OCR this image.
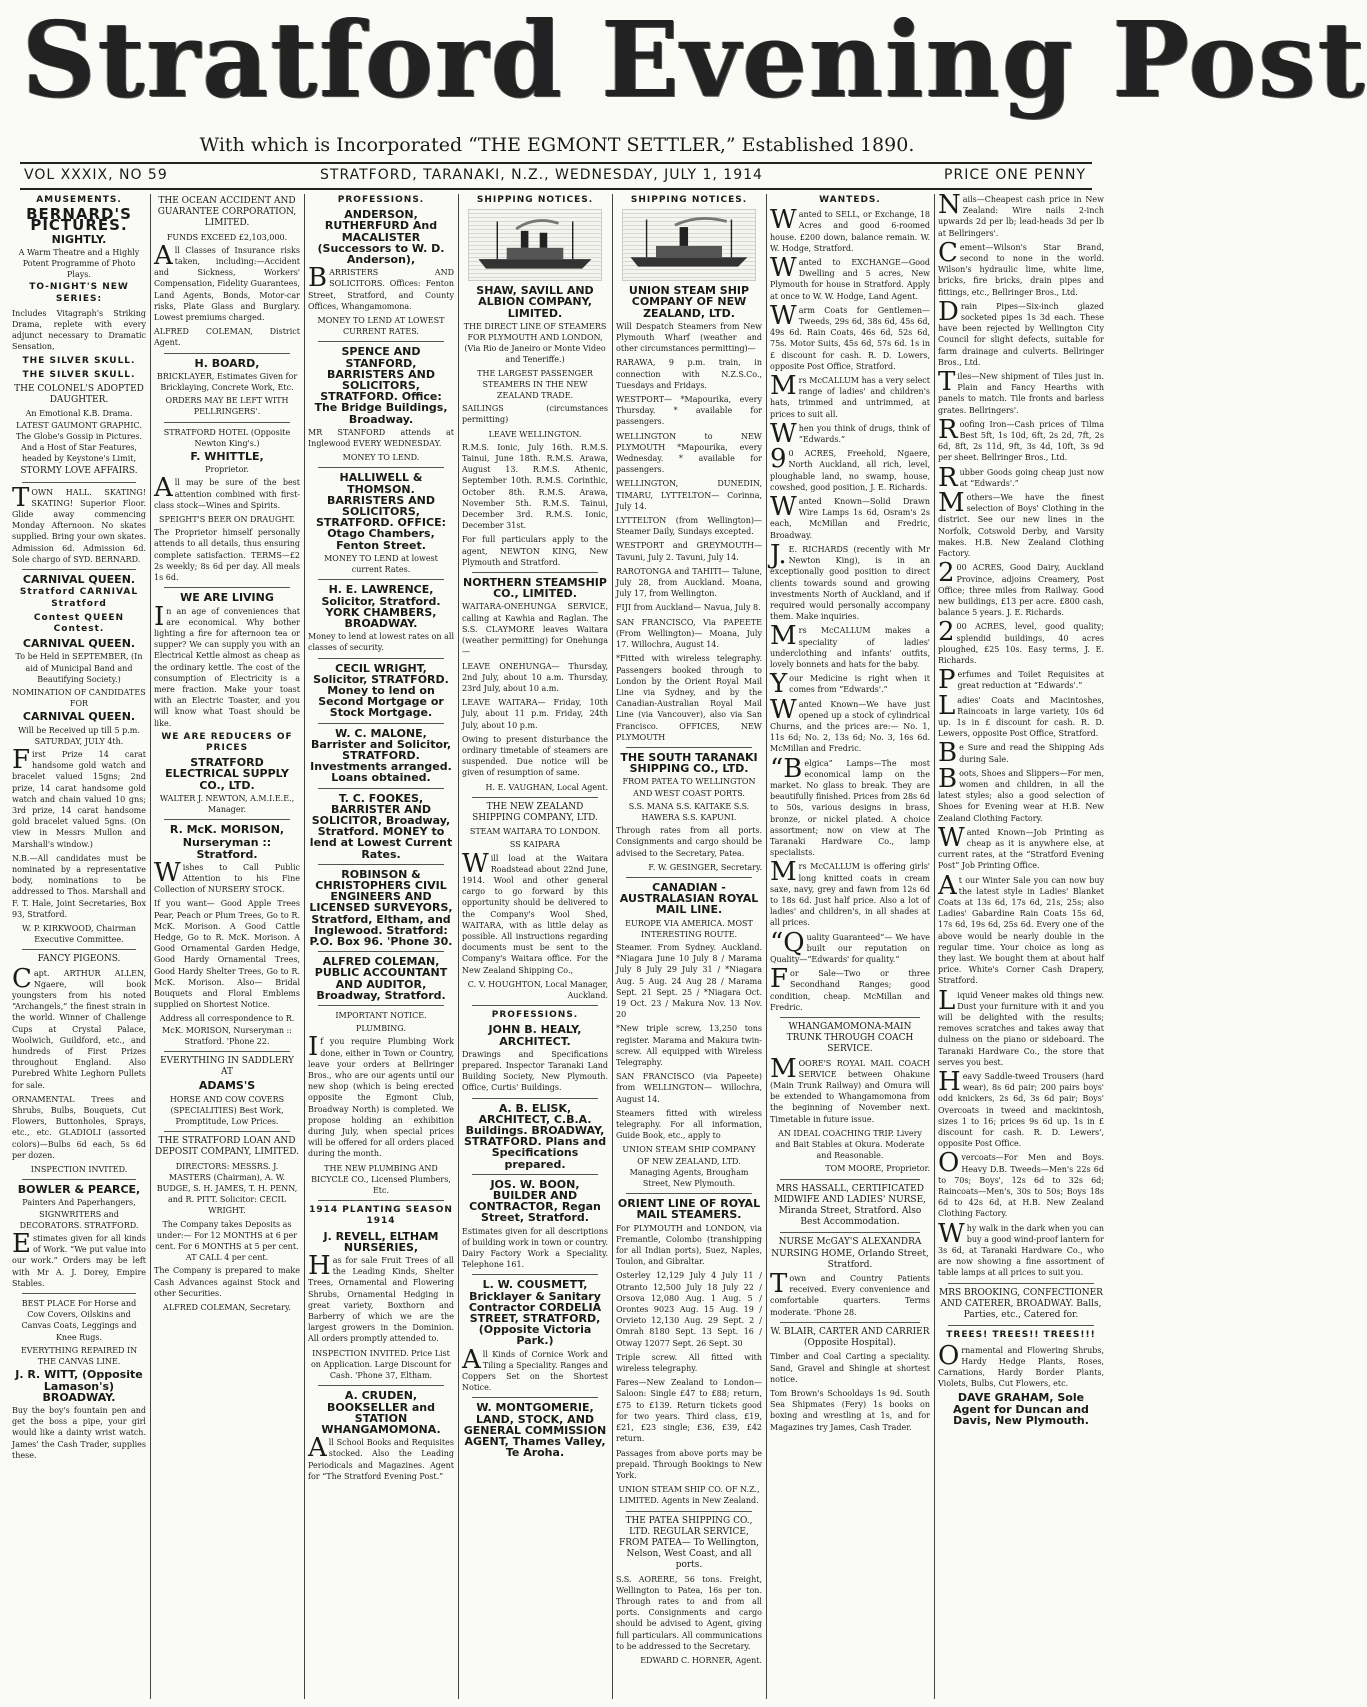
Stratford Evening Post
With which is Incorporated “THE EGMONT SETTLER,” Established 1890.
VOL XXXIX, NO 59	STRATFORD, TARANAKI, N.Z., WEDNESDAY, JULY 1, 1914	PRICE ONE PENNY
AMUSEMENTS.
BERNARD'S PICTURES.
NIGHTLY.
A Warm Theatre and a Highly Potent Programme of Photo Plays.
TO-NIGHT'S NEW SERIES:
Includes Vitagraph's Striking Drama, replete with every adjunct necessary to Dramatic Sensation,
THE SILVER SKULL.
THE SILVER SKULL.
THE COLONEL'S ADOPTED DAUGHTER.
An Emotional K.B. Drama. LATEST GAUMONT GRAPHIC. The Globe's Gossip in Pictures. And a Host of Star Features, headed by Keystone's Limit,
STORMY LOVE AFFAIRS.
TOWN HALL. SKATING! SKATING! Superior Floor. Glide away commencing Monday Afternoon. No skates supplied. Bring your own skates. Admission 6d. Admission 6d. Sole chargo of SYD. BERNARD.
CARNIVAL QUEEN.
Stratford CARNIVAL Stratford
Contest QUEEN Contest.
CARNIVAL QUEEN.
To be Held in SEPTEMBER, (In aid of Municipal Band and Beautifying Society.)
NOMINATION OF CANDIDATES FOR
CARNIVAL QUEEN.
Will be Received up till 5 p.m. SATURDAY, JULY 4th.
First Prize 14 carat handsome gold watch and bracelet valued 15gns; 2nd prize, 14 carat handsome gold watch and chain valued 10 gns; 3rd prize, 14 carat handsome gold bracelet valued 5gns. (On view in Messrs Mullon and Marshall's window.)
N.B.—All candidates must be nominated by a representative body, nominations to be addressed to Thos. Marshall and F. T. Hale, Joint Secretaries, Box 93, Stratford.
W. P. KIRKWOOD, Chairman Executive Committee.
FANCY PIGEONS.
Capt. ARTHUR ALLEN, Ngaere, will book youngsters from his noted “Archangels,” the finest strain in the world. Winner of Challenge Cups at Crystal Palace, Woolwich, Guildford, etc., and hundreds of First Prizes throughout England. Also Purebred White Leghorn Pullets for sale.
ORNAMENTAL Trees and Shrubs, Bulbs, Bouquets, Cut Flowers, Buttonholes, Sprays, etc., etc. GLADIOLI (assorted colors)—Bulbs 6d each, 5s 6d per dozen.
INSPECTION INVITED.
BOWLER & PEARCE,
Painters And Paperhangers, SIGNWRITERS and DECORATORS. STRATFORD.
Estimates given for all kinds of Work. “We put value into our work.” Orders may be left with Mr A. J. Dorey, Empire Stables.
BEST PLACE For Horse and Cow Covers, Oilskins and Canvas Coats, Leggings and Knee Rugs.
EVERYTHING REPAIRED IN THE CANVAS LINE.
J. R. WITT, (Opposite Lamason's) BROADWAY.
Buy the boy's fountain pen and get the boss a pipe, your girl would like a dainty wrist watch. James' the Cash Trader, supplies these.
THE OCEAN ACCIDENT AND GUARANTEE CORPORATION, LIMITED.
FUNDS EXCEED £2,103,000.
All Classes of Insurance risks taken, including:—Accident and Sickness, Workers' Compensation, Fidelity Guarantees, Land Agents, Bonds, Motor-car risks, Plate Glass and Burglary. Lowest premiums charged.
ALFRED COLEMAN, District Agent.
H. BOARD,
BRICKLAYER, Estimates Given for Bricklaying, Concrete Work, Etc.
ORDERS MAY BE LEFT WITH PELLRINGERS'.
STRATFORD HOTEL (Opposite Newton King's.)
F. WHITTLE,
Proprietor.
All may be sure of the best attention combined with first-class stock—Wines and Spirits.
SPEIGHT'S BEER ON DRAUGHT.
The Proprietor himself personally attends to all details, thus ensuring complete satisfaction. TERMS—£2 2s weekly; 8s 6d per day. All meals 1s 6d.
WE ARE LIVING
In an age of conveniences that are economical. Why bother lighting a fire for afternoon tea or supper? We can supply you with an Electrical Kettle almost as cheap as the ordinary kettle. The cost of the consumption of Electricity is a mere fraction. Make your toast with an Electric Toaster, and you will know what Toast should be like.
WE ARE REDUCERS OF PRICES
STRATFORD ELECTRICAL SUPPLY CO., LTD.
WALTER J. NEWTON, A.M.I.E.E., Manager.
R. McK. MORISON,
Nurseryman :: Stratford.
Wishes to Call Public Attention to his Fine Collection of NURSERY STOCK.
If you want— Good Apple Trees Pear, Peach or Plum Trees, Go to R. McK. Morison. A Good Cattle Hedge, Go to R. McK. Morison. A Good Ornamental Garden Hedge, Good Hardy Ornamental Trees, Good Hardy Shelter Trees, Go to R. McK. Morison. Also— Bridal Bouquets and Floral Emblems supplied on Shortest Notice.
Address all correspondence to R. McK. MORISON, Nurseryman :: Stratford. 'Phone 22.
EVERYTHING IN SADDLERY AT
ADAMS'S
HORSE AND COW COVERS (SPECIALITIES) Best Work, Promptitude, Low Prices.
THE STRATFORD LOAN AND DEPOSIT COMPANY, LIMITED.
DIRECTORS: MESSRS. J. MASTERS (Chairman), A. W. BUDGE, S. H. JAMES, T. H. PENN, and R. PITT. Solicitor: CECIL WRIGHT.
The Company takes Deposits as under:— For 12 MONTHS at 6 per cent. For 6 MONTHS at 5 per cent. AT CALL 4 per cent.
The Company is prepared to make Cash Advances against Stock and other Securities.
ALFRED COLEMAN, Secretary.
PROFESSIONS.
ANDERSON, RUTHERFURD And MACALISTER (Successors to W. D. Anderson),
BARRISTERS AND SOLICITORS. Offices: Fenton Street, Stratford, and County Offices, Whangamomona.
MONEY TO LEND AT LOWEST CURRENT RATES.
SPENCE AND STANFORD, BARRISTERS AND SOLICITORS, STRATFORD. Office: The Bridge Buildings, Broadway.
MR STANFORD attends at Inglewood EVERY WEDNESDAY.
MONEY TO LEND.
HALLIWELL & THOMSON. BARRISTERS AND SOLICITORS, STRATFORD. OFFICE: Otago Chambers, Fenton Street.
MONEY TO LEND at lowest current Rates.
H. E. LAWRENCE, Solicitor, Stratford. YORK CHAMBERS, BROADWAY.
Money to lend at lowest rates on all classes of security.
CECIL WRIGHT, Solicitor, STRATFORD. Money to lend on Second Mortgage or Stock Mortgage.
W. C. MALONE, Barrister and Solicitor, STRATFORD. Investments arranged. Loans obtained.
T. C. FOOKES, BARRISTER AND SOLICITOR, Broadway, Stratford. MONEY to lend at Lowest Current Rates.
ROBINSON & CHRISTOPHERS CIVIL ENGINEERS AND LICENSED SURVEYORS, Stratford, Eltham, and Inglewood. Stratford: P.O. Box 96. 'Phone 30.
ALFRED COLEMAN, PUBLIC ACCOUNTANT AND AUDITOR, Broadway, Stratford.
IMPORTANT NOTICE.
PLUMBING.
If you require Plumbing Work done, either in Town or Country, leave your orders at Bellringer Bros., who are our agents until our new shop (which is being erected opposite the Egmont Club, Broadway North) is completed. We propose holding an exhibition during July, when special prices will be offered for all orders placed during the month.
THE NEW PLUMBING AND BICYCLE CO., Licensed Plumbers, Etc.
1914 PLANTING SEASON 1914
J. REVELL, ELTHAM NURSERIES,
Has for sale Fruit Trees of all the Leading Kinds, Shelter Trees, Ornamental and Flowering Shrubs, Ornamental Hedging in great variety, Boxthorn and Barberry of which we are the largest growers in the Dominion. All orders promptly attended to.
INSPECTION INVITED. Price List on Application. Large Discount for Cash. 'Phone 37, Eltham.
A. CRUDEN, BOOKSELLER and STATION WHANGAMOMONA.
All School Books and Requisites stocked. Also the Leading Periodicals and Magazines. Agent for “The Stratford Evening Post.”
SHIPPING NOTICES.
SHAW, SAVILL AND ALBION COMPANY, LIMITED.
THE DIRECT LINE OF STEAMERS FOR PLYMOUTH AND LONDON, (Via Rio de Janeiro or Monte Video and Teneriffe.)
THE LARGEST PASSENGER STEAMERS IN THE NEW ZEALAND TRADE.
SAILINGS (circumstances permitting)
LEAVE WELLINGTON.
R.M.S. Ionic, July 16th. R.M.S. Tainui, June 18th. R.M.S. Arawa, August 13. R.M.S. Athenic, September 10th. R.M.S. Corinthic, October 8th. R.M.S. Arawa, November 5th. R.M.S. Tainui, December 3rd. R.M.S. Ionic, December 31st.
For full particulars apply to the agent, NEWTON KING, New Plymouth and Stratford.
NORTHERN STEAMSHIP CO., LIMITED.
WAITARA-ONEHUNGA SERVICE, calling at Kawhia and Raglan. The S.S. CLAYMORE leaves Waitara (weather permitting) for Onehunga—
LEAVE ONEHUNGA— Thursday, 2nd July, about 10 a.m. Thursday, 23rd July, about 10 a.m.
LEAVE WAITARA— Friday, 10th July, about 11 p.m. Friday, 24th July, about 10 p.m.
Owing to present disturbance the ordinary timetable of steamers are suspended. Due notice will be given of resumption of same.
H. E. VAUGHAN, Local Agent.
THE NEW ZEALAND SHIPPING COMPANY, LTD.
STEAM WAITARA TO LONDON.
SS KAIPARA
Will load at the Waitara Roadstead about 22nd June, 1914. Wool and other general cargo to go forward by this opportunity should be delivered to the Company's Wool Shed, WAITARA, with as little delay as possible. All instructions regarding documents must be sent to the Company's Waitara office. For the New Zealand Shipping Co.,
C. V. HOUGHTON, Local Manager, Auckland.
PROFESSIONS.
JOHN B. HEALY, ARCHITECT.
Drawings and Specifications prepared. Inspector Taranaki Land Building Society, New Plymouth. Office, Curtis' Buildings.
A. B. ELISK, ARCHITECT, C.B.A. Buildings. BROADWAY, STRATFORD. Plans and Specifications prepared.
JOS. W. BOON, BUILDER AND CONTRACTOR, Regan Street, Stratford.
Estimates given for all descriptions of building work in town or country. Dairy Factory Work a Speciality. Telephone 161.
L. W. COUSMETT, Bricklayer & Sanitary Contractor CORDELIA STREET, STRATFORD, (Opposite Victoria Park.)
All Kinds of Cornice Work and Tiling a Speciality. Ranges and Coppers Set on the Shortest Notice.
W. MONTGOMERIE, LAND, STOCK, AND GENERAL COMMISSION AGENT, Thames Valley, Te Aroha.
SHIPPING NOTICES.
UNION STEAM SHIP COMPANY OF NEW ZEALAND, LTD.
Will Despatch Steamers from New Plymouth Wharf (weather and other circumstances permitting)—
RARAWA, 9 p.m. train, in connection with N.Z.S.Co., Tuesdays and Fridays.
WESTPORT— *Mapourika, every Thursday. * available for passengers.
WELLINGTON to NEW PLYMOUTH *Mapourika, every Wednesday. * available for passengers.
WELLINGTON, DUNEDIN, TIMARU, LYTTELTON— Corinna, July 14.
LYTTELTON (from Wellington)— Steamer Daily, Sundays excepted.
WESTPORT and GREYMOUTH— Tavuni, July 2. Tavuni, July 14.
RAROTONGA and TAHITI— Talune, July 28, from Auckland. Moana, July 17, from Wellington.
FIJI from Auckland— Navua, July 8.
SAN FRANCISCO, Via PAPEETE (From Wellington)— Moana, July 17. Willochra, August 14.
*Fitted with wireless telegraphy. Passengers booked through to London by the Orient Royal Mail Line via Sydney, and by the Canadian-Australian Royal Mail Line (via Vancouver), also via San Francisco. OFFICES, NEW PLYMOUTH
THE SOUTH TARANAKI SHIPPING CO., LTD.
FROM PATEA TO WELLINGTON AND WEST COAST PORTS.
S.S. MANA S.S. KAITAKE S.S. HAWERA S.S. KAPUNI.
Through rates from all ports. Consignments and cargo should be advised to the Secretary, Patea.
F. W. GESINGER, Secretary.
CANADIAN - AUSTRALASIAN ROYAL MAIL LINE.
EUROPE VIA AMERICA. MOST INTERESTING ROUTE.
Steamer. From Sydney. Auckland. *Niagara June 10 July 8 / Marama July 8 July 29 July 31 / *Niagara Aug. 5 Aug. 24 Aug 28 / Marama Sept. 21 Sept. 25 / *Niagara Oct. 19 Oct. 23 / Makura Nov. 13 Nov. 20
*New triple screw, 13,250 tons register. Marama and Makura twin-screw. All equipped with Wireless Telegraphy.
SAN FRANCISCO (via Papeete) from WELLINGTON— Willochra, August 14.
Steamers fitted with wireless telegraphy. For all information, Guide Book, etc., apply to
UNION STEAM SHIP COMPANY OF NEW ZEALAND, LTD. Managing Agents, Brougham Street, New Plymouth.
ORIENT LINE OF ROYAL MAIL STEAMERS.
For PLYMOUTH and LONDON, via Fremantle, Colombo (transhipping for all Indian ports), Suez, Naples, Toulon, and Gibraltar.
Osterley 12,129 July 4 July 11 / Otranto 12,500 July 18 July 22 / Orsova 12,080 Aug. 1 Aug. 5 / Orontes 9023 Aug. 15 Aug. 19 / Orvieto 12,130 Aug. 29 Sept. 2 / Omrah 8180 Sept. 13 Sept. 16 / Otway 12077 Sept. 26 Sept. 30
Triple screw. All fitted with wireless telegraphy.
Fares—New Zealand to London— Saloon: Single £47 to £88; return, £75 to £139. Return tickets good for two years. Third class, £19, £21, £23 single; £36, £39, £42 return.
Passages from above ports may be prepaid. Through Bookings to New York.
UNION STEAM SHIP CO. OF N.Z., LIMITED. Agents in New Zealand.
THE PATEA SHIPPING CO., LTD. REGULAR SERVICE, FROM PATEA— To Wellington, Nelson, West Coast, and all ports.
S.S. AORERE, 56 tons. Freight, Wellington to Patea, 16s per ton. Through rates to and from all ports. Consignments and cargo should be advised to Agent, giving full particulars. All communications to be addressed to the Secretary.
EDWARD C. HORNER, Agent.
WANTEDS.
Wanted to SELL, or Exchange, 18 Acres and good 6-roomed house. £200 down, balance remain. W. W. Hodge, Stratford.
Wanted to EXCHANGE—Good Dwelling and 5 acres, New Plymouth for house in Stratford. Apply at once to W. W. Hodge, Land Agent.
Warm Coats for Gentlemen— Tweeds, 29s 6d, 38s 6d, 45s 6d, 49s 6d. Rain Coats, 46s 6d, 52s 6d, 75s. Motor Suits, 45s 6d, 57s 6d. 1s in £ discount for cash. R. D. Lowers, opposite Post Office, Stratford.
Mrs McCALLUM has a very select range of ladies' and children's hats, trimmed and untrimmed, at prices to suit all.
When you think of drugs, think of “Edwards.”
90 ACRES, Freehold, Ngaere, North Auckland, all rich, level, ploughable land, no swamp, house, cowshed, good position, J. E. Richards.
Wanted Known—Solid Drawn Wire Lamps 1s 6d, Osram's 2s each, McMillan and Fredric, Broadway.
J.E. RICHARDS (recently with Mr Newton King), is in an exceptionally good position to direct clients towards sound and growing investments North of Auckland, and if required would personally accompany them. Make inquiries.
Mrs McCALLUM makes a speciality of ladies' underclothing and infants' outfits, lovely bonnets and hats for the baby.
Your Medicine is right when it comes from “Edwards'.”
Wanted Known—We have just opened up a stock of cylindrical Churns, and the prices are:— No. 1, 11s 6d; No. 2, 13s 6d; No. 3, 16s 6d. McMillan and Fredric.
“Belgica” Lamps—The most economical lamp on the market. No glass to break. They are beautifully finished. Prices from 28s 6d to 50s, various designs in brass, bronze, or nickel plated. A choice assortment; now on view at The Taranaki Hardware Co., lamp specialists.
Mrs McCALLUM is offering girls' long knitted coats in cream saxe, navy, grey and fawn from 12s 6d to 18s 6d. Just half price. Also a lot of ladies' and children's, in all shades at all prices.
“Quality Guaranteed”— We have built our reputation on Quality—“Edwards' for quality.”
For Sale—Two or three Secondhand Ranges; good condition, cheap. McMillan and Fredric.
WHANGAMOMONA-MAIN TRUNK THROUGH COACH SERVICE.
MOORE'S ROYAL MAIL COACH SERVICE between Ohakune (Main Trunk Railway) and Omura will be extended to Whangamomona from the beginning of November next. Timetable in future issue.
AN IDEAL COACHING TRIP. Livery and Bait Stables at Okura. Moderate and Reasonable.
TOM MOORE, Proprietor.
MRS HASSALL, CERTIFICATED MIDWIFE AND LADIES' NURSE, Miranda Street, Stratford. Also Best Accommodation.
NURSE McGAY'S ALEXANDRA NURSING HOME, Orlando Street, Stratford.
Town and Country Patients received. Every convenience and comfortable quarters. Terms moderate. 'Phone 28.
W. BLAIR, CARTER AND CARRIER (Opposite Hospital).
Timber and Coal Carting a speciality. Sand, Gravel and Shingle at shortest notice.
Tom Brown's Schooldays 1s 9d. South Sea Shipmates (Fery) 1s books on boxing and wrestling at 1s, and for Magazines try James, Cash Trader.
Nails—Cheapest cash price in New Zealand: Wire nails 2-inch upwards 2d per lb; lead-heads 3d per lb at Bellringers'.
Cement—Wilson's Star Brand, second to none in the world. Wilson's hydraulic lime, white lime, bricks, fire bricks, drain pipes and fittings, etc., Bellringer Bros., Ltd.
Drain Pipes—Six-inch glazed socketed pipes 1s 3d each. These have been rejected by Wellington City Council for slight defects, suitable for farm drainage and culverts. Bellringer Bros., Ltd.
Tiles—New shipment of Tiles just in. Plain and Fancy Hearths with panels to match. Tile fronts and barless grates. Bellringers'.
Roofing Iron—Cash prices of Tilma Best 5ft, 1s 10d, 6ft, 2s 2d, 7ft, 2s 6d, 8ft, 2s 11d, 9ft, 3s 4d, 10ft, 3s 9d per sheet. Bellringer Bros., Ltd.
Rubber Goods going cheap just now at “Edwards'.”
Mothers—We have the finest selection of Boys' Clothing in the district. See our new lines in the Norfolk, Cotswold Derby, and Varsity makes. H.B. New Zealand Clothing Factory.
200 ACRES, Good Dairy, Auckland Province, adjoins Creamery, Post Office; three miles from Railway. Good new buildings, £13 per acre. £800 cash, balance 5 years. J. E. Richards.
200 ACRES, level, good quality; splendid buildings, 40 acres ploughed, £25 10s. Easy terms, J. E. Richards.
Perfumes and Toilet Requisites at great reduction at “Edwards'.”
Ladies' Coats and Macintoshes, Raincoats in large variety, 10s 6d up. 1s in £ discount for cash. R. D. Lewers, opposite Post Office, Stratford.
Be Sure and read the Shipping Ads during Sale.
Boots, Shoes and Slippers—For men, women and children, in all the latest styles; also a good selection of Shoes for Evening wear at H.B. New Zealand Clothing Factory.
Wanted Known—Job Printing as cheap as it is anywhere else, at current rates, at the “Stratford Evening Post” Job Printing Office.
At our Winter Sale you can now buy the latest style in Ladies' Blanket Coats at 13s 6d, 17s 6d, 21s, 25s; also Ladies' Gabardine Rain Coats 15s 6d, 17s 6d, 19s 6d, 25s 6d. Every one of the above would be nearly double in the regular time. Your choice as long as they last. We bought them at about half price. White's Corner Cash Drapery, Stratford.
Liquid Veneer makes old things new. Dust your furniture with it and you will be delighted with the results; removes scratches and takes away that dulness on the piano or sideboard. The Taranaki Hardware Co., the store that serves you best.
Heavy Saddle-tweed Trousers (hard wear), 8s 6d pair; 200 pairs boys' odd knickers, 2s 6d, 3s 6d pair; Boys' Overcoats in tweed and mackintosh, sizes 1 to 16; prices 9s 6d up. 1s in £ discount for cash. R. D. Lewers', opposite Post Office.
Overcoats—For Men and Boys. Heavy D.B. Tweeds—Men's 22s 6d to 70s; Boys', 12s 6d to 32s 6d; Raincoats—Men's, 30s to 50s; Boys 18s 6d to 42s 6d, at H.B. New Zealand Clothing Factory.
Why walk in the dark when you can buy a good wind-proof lantern for 3s 6d, at Taranaki Hardware Co., who are now showing a fine assortment of table lamps at all prices to suit you.
MRS BROOKING, CONFECTIONER AND CATERER, BROADWAY. Balls, Parties, etc., Catered for.
TREES! TREES!! TREES!!!
Ornamental and Flowering Shrubs, Hardy Hedge Plants, Roses, Carnations, Hardy Border Plants, Violets, Bulbs, Cut Flowers, etc.
DAVE GRAHAM, Sole Agent for Duncan and Davis, New Plymouth.
